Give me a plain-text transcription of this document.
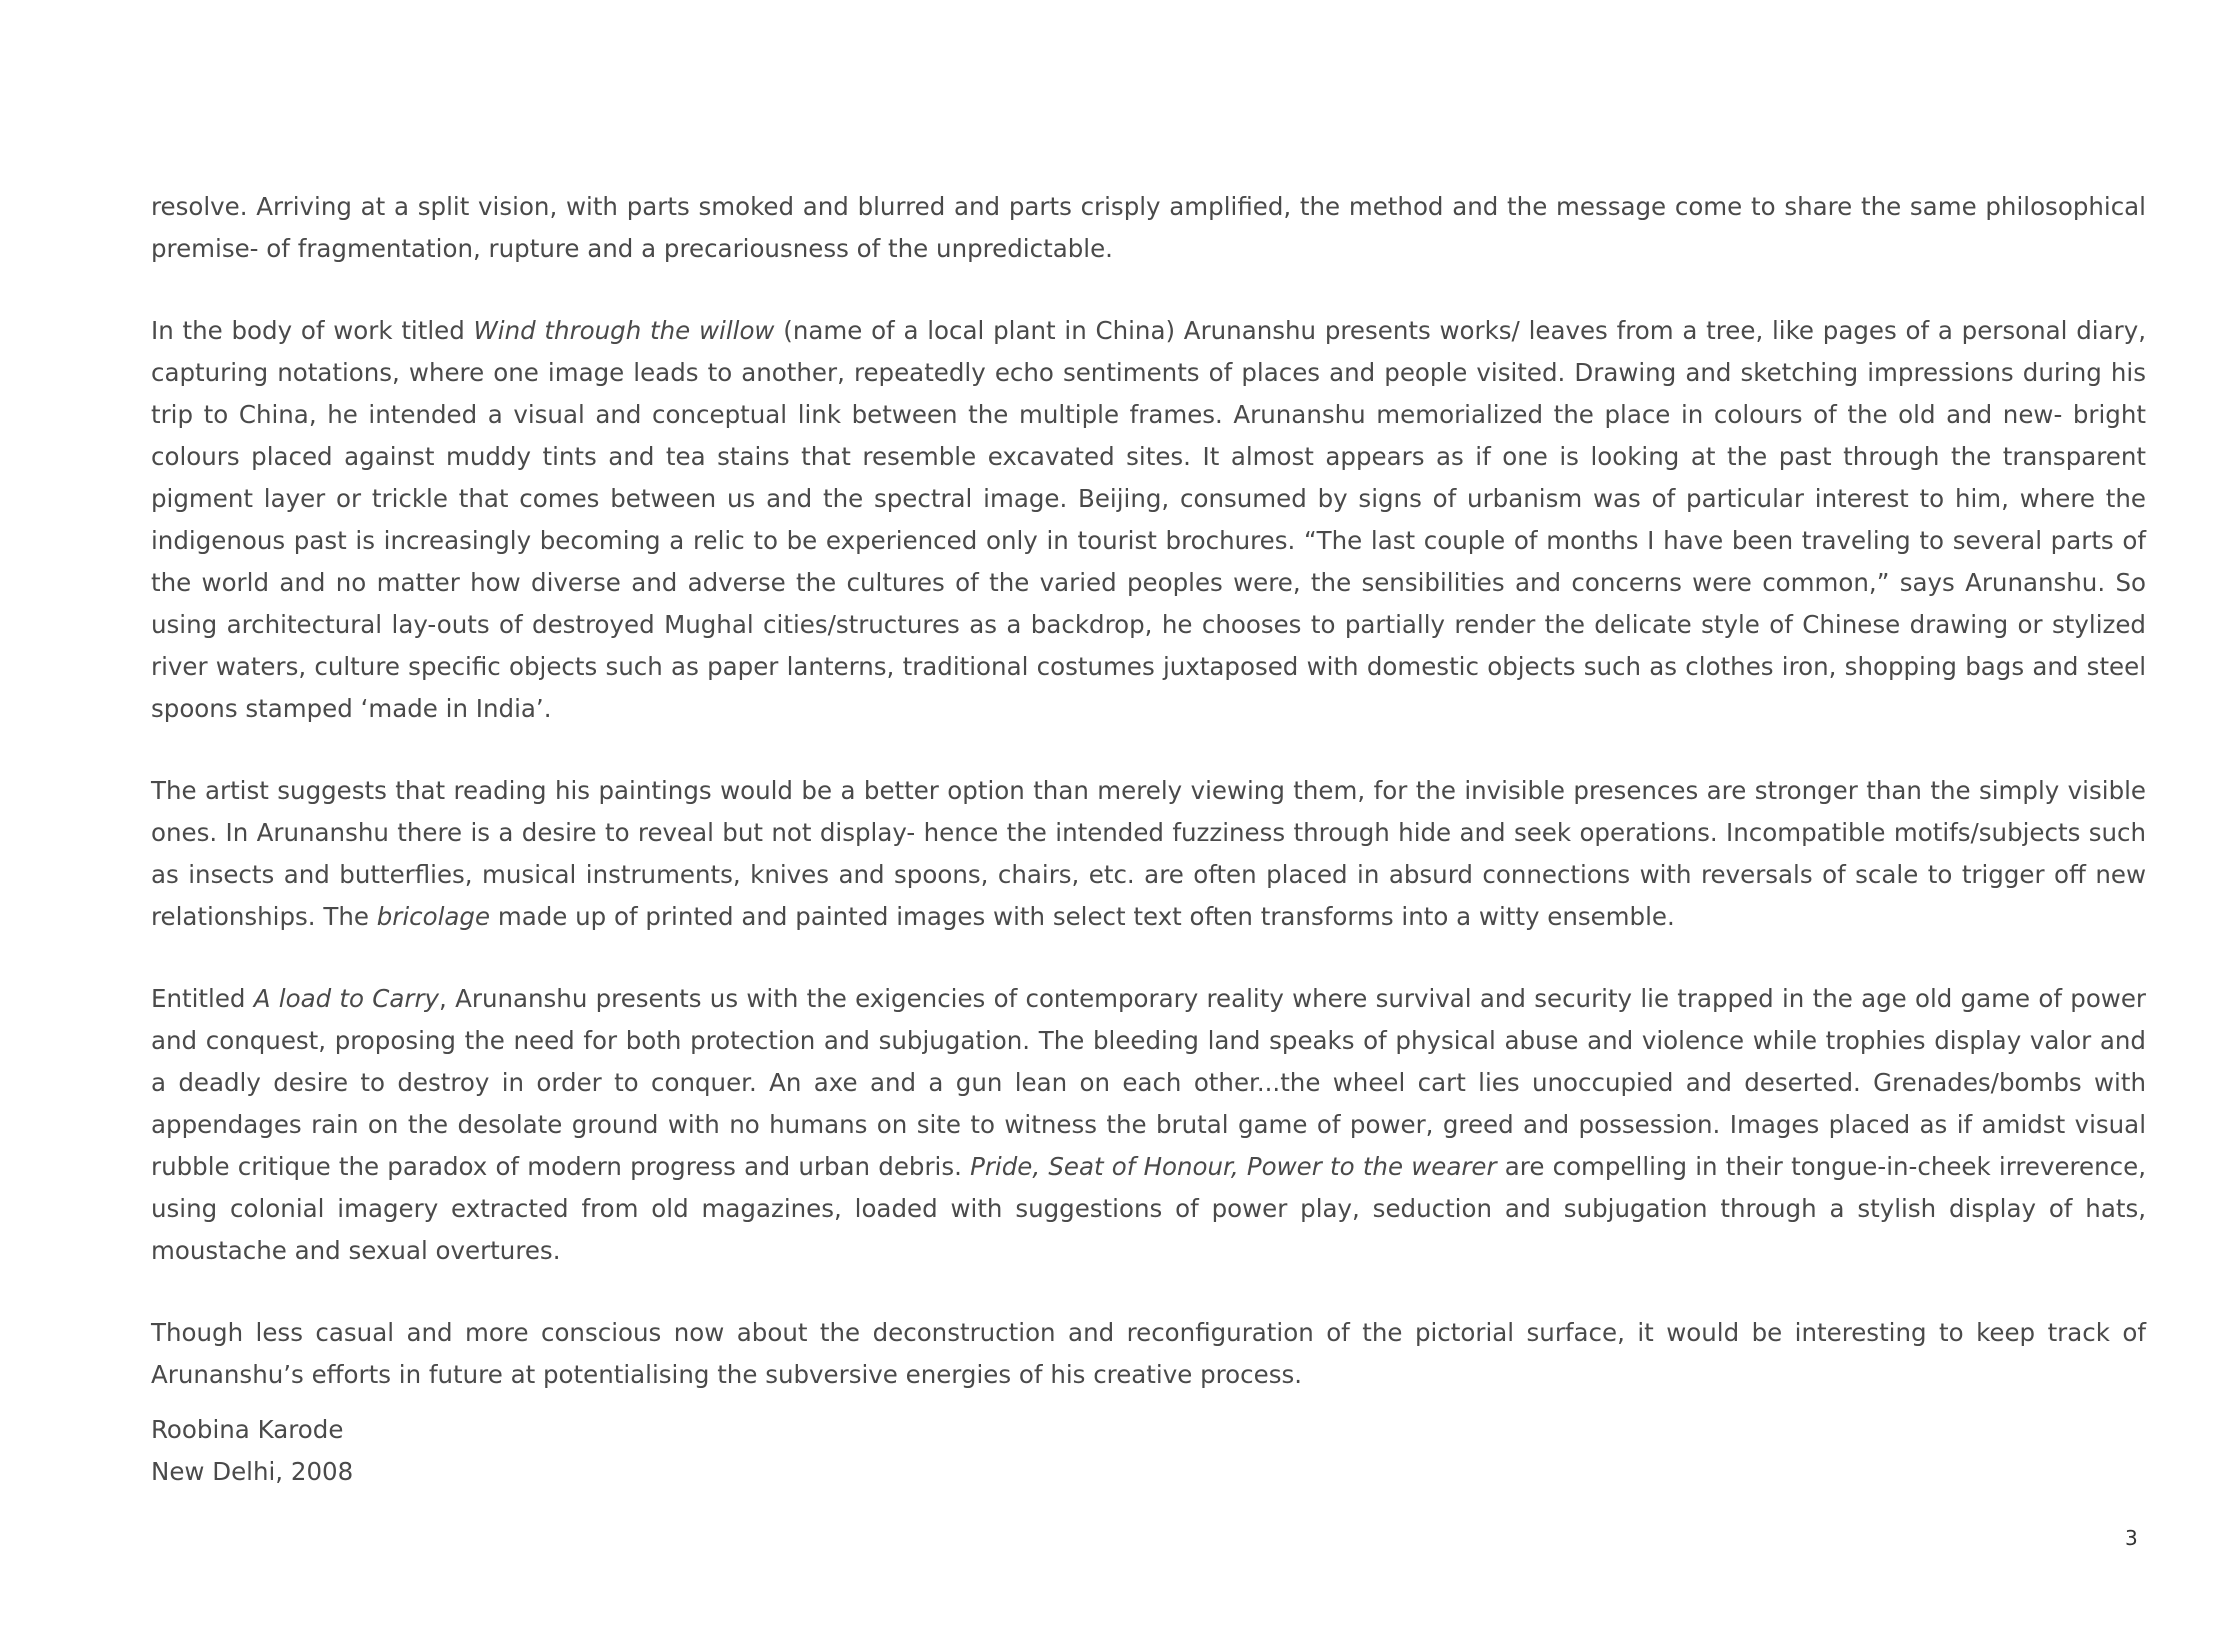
resolve. Arriving at a split vision, with parts smoked and blurred and parts crisply amplified, the method and the message come to share the same philosophical premise- of fragmentation, rupture and a precariousness of the unpredictable.

In the body of work titled Wind through the willow (name of a local plant in China) Arunanshu presents works/ leaves from a tree, like pages of a personal diary, capturing notations, where one image leads to another, repeatedly echo sentiments of places and people visited. Drawing and sketching impressions during his trip to China, he intended a visual and conceptual link between the multiple frames. Arunanshu memorialized the place in colours of the old and new- bright colours placed against muddy tints and tea stains that resemble excavated sites. It almost appears as if one is looking at the past through the transparent pigment layer or trickle that comes between us and the spectral image. Beijing, consumed by signs of urbanism was of particular interest to him, where the indigenous past is increasingly becoming a relic to be experienced only in tourist brochures. “The last couple of months I have been traveling to several parts of the world and no matter how diverse and adverse the cultures of the varied peoples were, the sensibilities and concerns were common,” says Arunanshu. So using architectural lay-outs of destroyed Mughal cities/structures as a backdrop, he chooses to partially render the delicate style of Chinese drawing or stylized river waters, culture specific objects such as paper lanterns, traditional costumes juxtaposed with domestic objects such as clothes iron, shopping bags and steel spoons stamped ‘made in India’.

The artist suggests that reading his paintings would be a better option than merely viewing them, for the invisible presences are stronger than the simply visible ones. In Arunanshu there is a desire to reveal but not display- hence the intended fuzziness through hide and seek operations. Incompatible motifs/subjects such as insects and butterflies, musical instruments, knives and spoons, chairs, etc. are often placed in absurd connections with reversals of scale to trigger off new relationships. The bricolage made up of printed and painted images with select text often transforms into a witty ensemble.

Entitled A load to Carry, Arunanshu presents us with the exigencies of contemporary reality where survival and security lie trapped in the age old game of power and conquest, proposing the need for both protection and subjugation. The bleeding land speaks of physical abuse and violence while trophies display valor and a deadly desire to destroy in order to conquer. An axe and a gun lean on each other...the wheel cart lies unoccupied and deserted. Grenades/bombs with appendages rain on the desolate ground with no humans on site to witness the brutal game of power, greed and possession. Images placed as if amidst visual rubble critique the paradox of modern progress and urban debris. Pride, Seat of Honour, Power to the wearer are compelling in their tongue-in-cheek irreverence, using colonial imagery extracted from old magazines, loaded with suggestions of power play, seduction and subjugation through a stylish display of hats, moustache and sexual overtures.

Though less casual and more conscious now about the deconstruction and reconfiguration of the pictorial surface, it would be interesting to keep track of Arunanshu’s efforts in future at potentialising the subversive energies of his creative process.

Roobina Karode
New Delhi, 2008
3
